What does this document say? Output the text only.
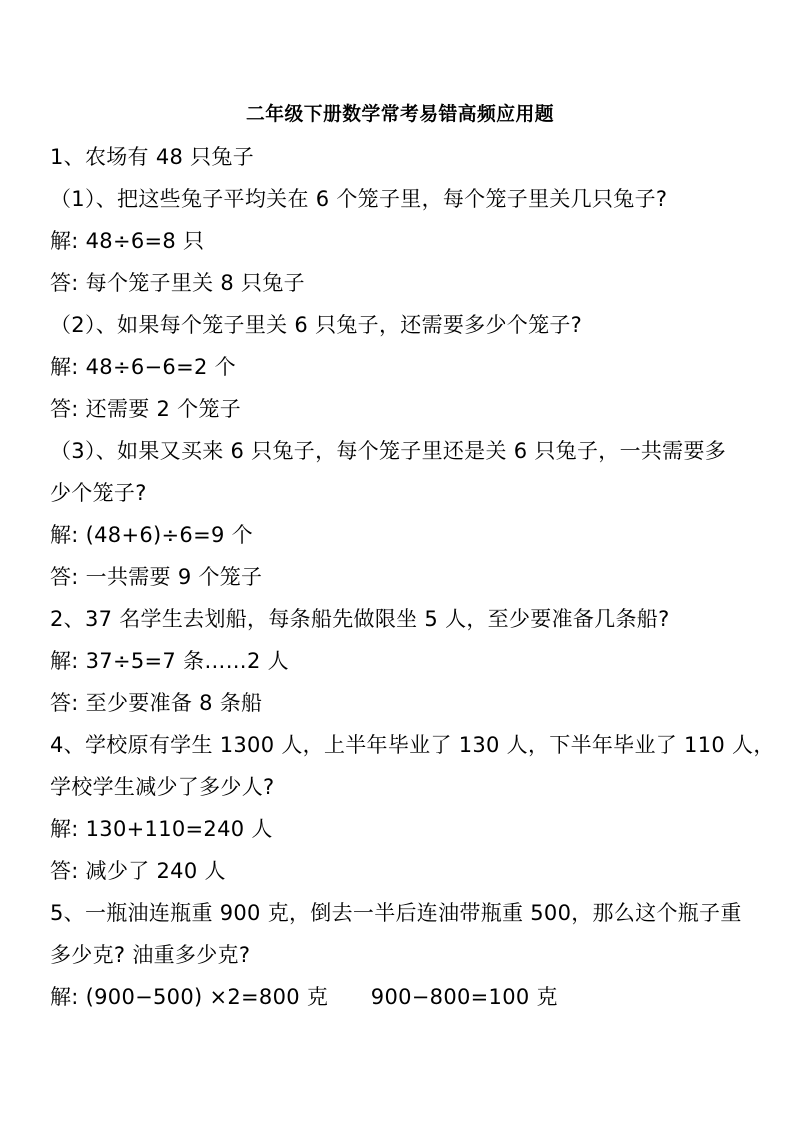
二年级下册数学常考易错高频应用题
1、农场有 48 只兔子
（1）、把这些兔子平均关在 6 个笼子里，每个笼子里关几只兔子?
解: 48÷6=8 只
答: 每个笼子里关 8 只兔子
（2）、如果每个笼子里关 6 只兔子，还需要多少个笼子?
解: 48÷6−6=2 个
答: 还需要 2 个笼子
（3）、如果又买来 6 只兔子，每个笼子里还是关 6 只兔子，一共需要多
少个笼子?
解: (48+6)÷6=9 个
答: 一共需要 9 个笼子
2、37 名学生去划船，每条船先做限坐 5 人，至少要准备几条船?
解: 37÷5=7 条……2 人
答: 至少要准备 8 条船
4、学校原有学生 1300 人，上半年毕业了 130 人，下半年毕业了 110 人，
学校学生减少了多少人?
解: 130+110=240 人
答: 减少了 240 人
5、一瓶油连瓶重 900 克，倒去一半后连油带瓶重 500，那么这个瓶子重
多少克? 油重多少克?
解: (900−500) ×2=800 克　　900−800=100 克
